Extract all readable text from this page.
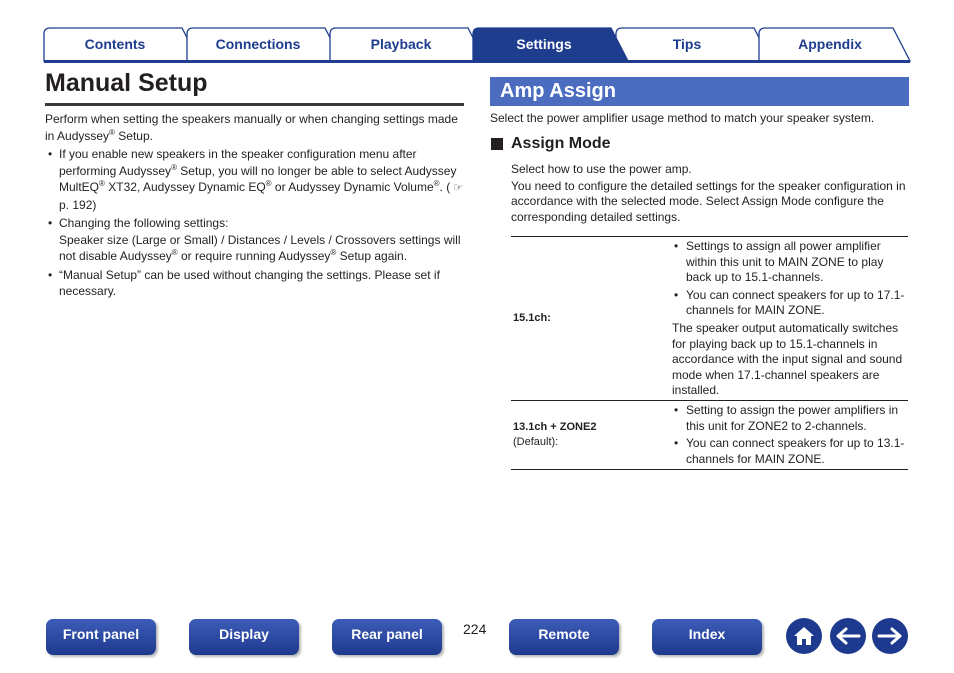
Contents	Connections	Playback	Settings	Tips	Appendix
Manual Setup

Perform when setting the speakers manually or when changing settings made in Audyssey® Setup.

• If you enable new speakers in the speaker configuration menu after performing Audyssey® Setup, you will no longer be able to select Audyssey MultEQ® XT32, Audyssey Dynamic EQ® or Audyssey Dynamic Volume®. ( ☞ p. 192)
• Changing the following settings:
Speaker size (Large or Small) / Distances / Levels / Crossovers settings will not disable Audyssey® or require running Audyssey® Setup again.
• “Manual Setup” can be used without changing the settings. Please set if necessary.
Amp Assign

Select the power amplifier usage method to match your speaker system.

Assign Mode

Select how to use the power amp.

You need to configure the detailed settings for the speaker configuration in accordance with the selected mode. Select Assign Mode configure the corresponding detailed settings.

15.1ch:
• Settings to assign all power amplifier within this unit to MAIN ZONE to play back up to 15.1-channels.
• You can connect speakers for up to 17.1-channels for MAIN ZONE.

The speaker output automatically switches for playing back up to 15.1-channels in accordance with the input signal and sound mode when 17.1-channel speakers are installed.

13.1ch + ZONE2
(Default):
• Setting to assign the power amplifiers in this unit for ZONE2 to 2-channels.
• You can connect speakers for up to 13.1-channels for MAIN ZONE.
224
Front panel	Display	Rear panel	Remote	Index
